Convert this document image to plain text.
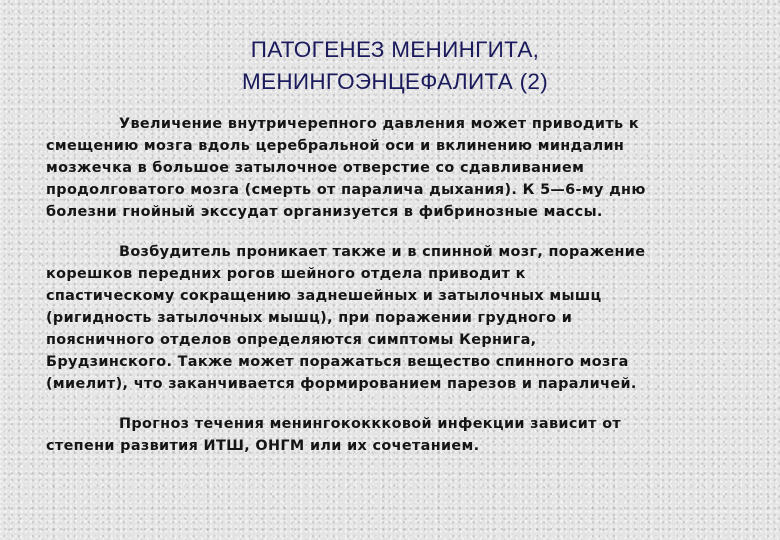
ПАТОГЕНЕЗ МЕНИНГИТА,
МЕНИНГОЭНЦЕФАЛИТА (2)

Увеличение внутричерепного давления может приводить к
смещению мозга вдоль церебральной оси и вклинению миндалин
мозжечка в большое затылочное отверстие со сдавливанием
продолговатого мозга (смерть от паралича дыхания). К 5—6-му дню
болезни гнойный экссудат организуется в фибринозные массы.

Возбудитель проникает также и в спинной мозг, поражение
корешков передних рогов шейного отдела приводит к
спастическому сокращению заднешейных и затылочных мышц
(ригидность затылочных мышц), при поражении грудного и
поясничного отделов определяются симптомы Кернига,
Брудзинского. Также может поражаться вещество спинного мозга
(миелит), что заканчивается формированием парезов и параличей.

Прогноз течения менингококкковой инфекции зависит от
степени развития ИТШ, ОНГМ или их сочетанием.
